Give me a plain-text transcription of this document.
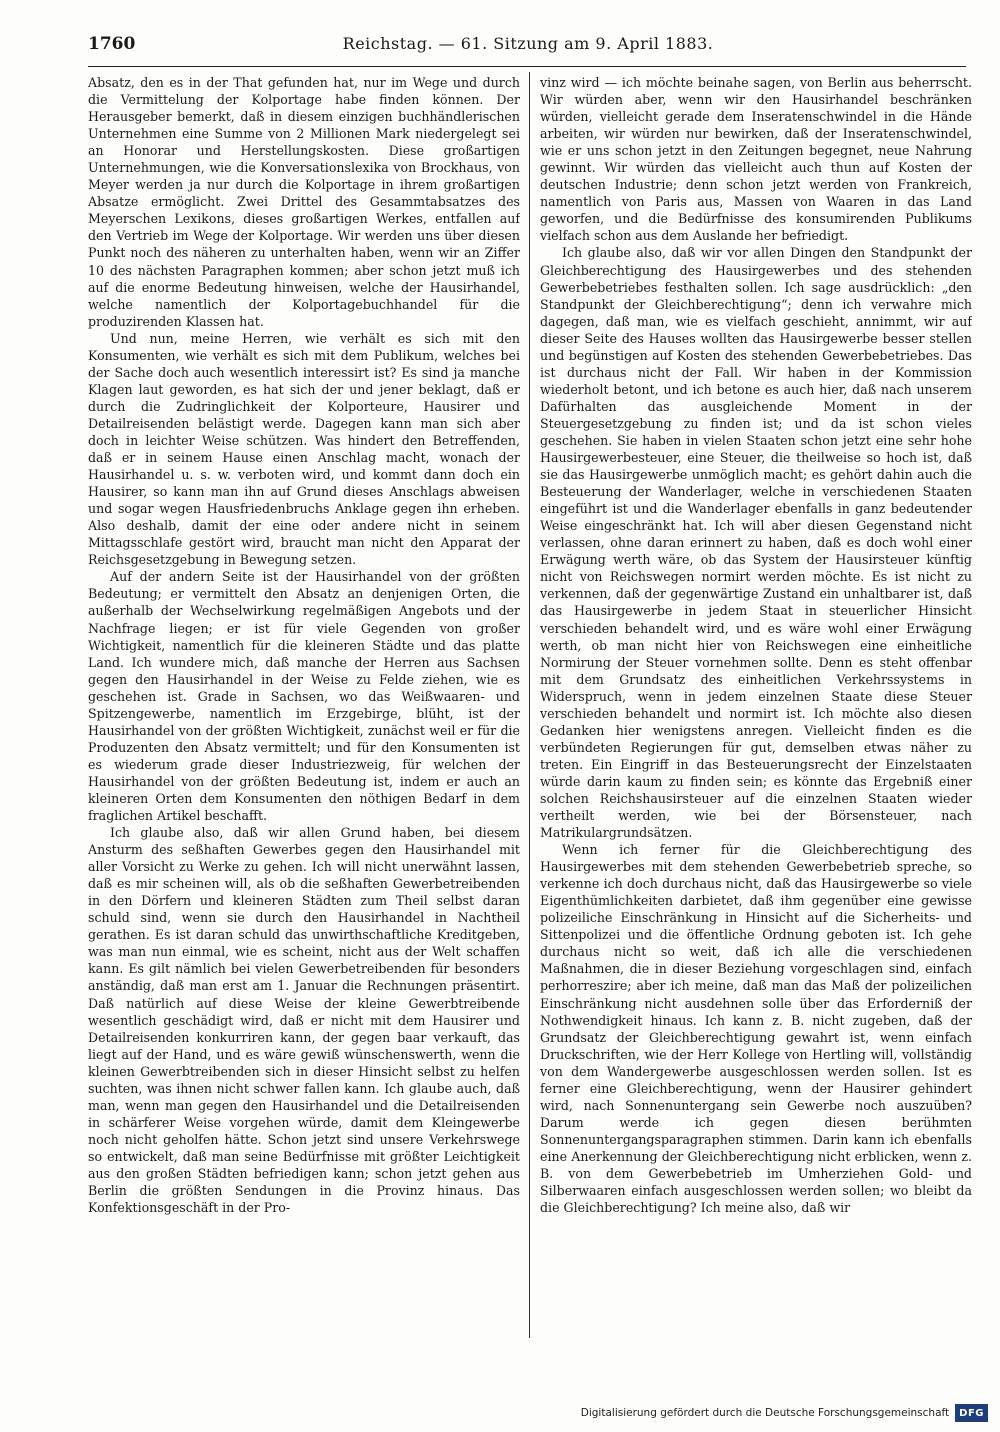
1760	Reichstag. — 61. Sitzung am 9. April 1883.

Absatz, den es in der That gefunden hat, nur im Wege und durch die Vermittelung der Kolportage habe finden können. Der Herausgeber bemerkt, daß in diesem einzigen buchhändlerischen Unternehmen eine Summe von 2 Millionen Mark niedergelegt sei an Honorar und Herstellungskosten. Diese großartigen Unternehmungen, wie die Konversationslexika von Brockhaus, von Meyer werden ja nur durch die Kolportage in ihrem großartigen Absatze ermöglicht. Zwei Drittel des Gesammtabsatzes des Meyerschen Lexikons, dieses großartigen Werkes, entfallen auf den Vertrieb im Wege der Kolportage. Wir werden uns über diesen Punkt noch des näheren zu unterhalten haben, wenn wir an Ziffer 10 des nächsten Paragraphen kommen; aber schon jetzt muß ich auf die enorme Bedeutung hinweisen, welche der Hausirhandel, welche namentlich der Kolportagebuchhandel für die produzirenden Klassen hat.

Und nun, meine Herren, wie verhält es sich mit den Konsumenten, wie verhält es sich mit dem Publikum, welches bei der Sache doch auch wesentlich interessirt ist? Es sind ja manche Klagen laut geworden, es hat sich der und jener beklagt, daß er durch die Zudringlichkeit der Kolporteure, Hausirer und Detailreisenden belästigt werde. Dagegen kann man sich aber doch in leichter Weise schützen. Was hindert den Betreffenden, daß er in seinem Hause einen Anschlag macht, wonach der Hausirhandel u. s. w. verboten wird, und kommt dann doch ein Hausirer, so kann man ihn auf Grund dieses Anschlags abweisen und sogar wegen Hausfriedenbruchs Anklage gegen ihn erheben. Also deshalb, damit der eine oder andere nicht in seinem Mittagsschlafe gestört wird, braucht man nicht den Apparat der Reichsgesetzgebung in Bewegung setzen.

Auf der andern Seite ist der Hausirhandel von der größten Bedeutung; er vermittelt den Absatz an denjenigen Orten, die außerhalb der Wechselwirkung regelmäßigen Angebots und der Nachfrage liegen; er ist für viele Gegenden von großer Wichtigkeit, namentlich für die kleineren Städte und das platte Land. Ich wundere mich, daß manche der Herren aus Sachsen gegen den Hausirhandel in der Weise zu Felde ziehen, wie es geschehen ist. Grade in Sachsen, wo das Weißwaaren- und Spitzengewerbe, namentlich im Erzgebirge, blüht, ist der Hausirhandel von der größten Wichtigkeit, zunächst weil er für die Produzenten den Absatz vermittelt; und für den Konsumenten ist es wiederum grade dieser Industriezweig, für welchen der Hausirhandel von der größten Bedeutung ist, indem er auch an kleineren Orten dem Konsumenten den nöthigen Bedarf in dem fraglichen Artikel beschafft.

Ich glaube also, daß wir allen Grund haben, bei diesem Ansturm des seßhaften Gewerbes gegen den Hausirhandel mit aller Vorsicht zu Werke zu gehen. Ich will nicht unerwähnt lassen, daß es mir scheinen will, als ob die seßhaften Gewerbetreibenden in den Dörfern und kleineren Städten zum Theil selbst daran schuld sind, wenn sie durch den Hausirhandel in Nachtheil gerathen. Es ist daran schuld das unwirthschaftliche Kreditgeben, was man nun einmal, wie es scheint, nicht aus der Welt schaffen kann. Es gilt nämlich bei vielen Gewerbetreibenden für besonders anständig, daß man erst am 1. Januar die Rechnungen präsentirt. Daß natürlich auf diese Weise der kleine Gewerbtreibende wesentlich geschädigt wird, daß er nicht mit dem Hausirer und Detailreisenden konkurriren kann, der gegen baar verkauft, das liegt auf der Hand, und es wäre gewiß wünschenswerth, wenn die kleinen Gewerbtreibenden sich in dieser Hinsicht selbst zu helfen suchten, was ihnen nicht schwer fallen kann. Ich glaube auch, daß man, wenn man gegen den Hausirhandel und die Detailreisenden in schärferer Weise vorgehen würde, damit dem Kleingewerbe noch nicht geholfen hätte. Schon jetzt sind unsere Verkehrswege so entwickelt, daß man seine Bedürfnisse mit größter Leichtigkeit aus den großen Städten befriedigen kann; schon jetzt gehen aus Berlin die größten Sendungen in die Provinz hinaus. Das Konfektionsgeschäft in der Pro-

vinz wird — ich möchte beinahe sagen, von Berlin aus beherrscht. Wir würden aber, wenn wir den Hausirhandel beschränken würden, vielleicht gerade dem Inseratenschwindel in die Hände arbeiten, wir würden nur bewirken, daß der Inseratenschwindel, wie er uns schon jetzt in den Zeitungen begegnet, neue Nahrung gewinnt. Wir würden das vielleicht auch thun auf Kosten der deutschen Industrie; denn schon jetzt werden von Frankreich, namentlich von Paris aus, Massen von Waaren in das Land geworfen, und die Bedürfnisse des konsumirenden Publikums vielfach schon aus dem Auslande her befriedigt.

Ich glaube also, daß wir vor allen Dingen den Standpunkt der Gleichberechtigung des Hausirgewerbes und des stehenden Gewerbebetriebes festhalten sollen. Ich sage ausdrücklich: „den Standpunkt der Gleichberechtigung“; denn ich verwahre mich dagegen, daß man, wie es vielfach geschieht, annimmt, wir auf dieser Seite des Hauses wollten das Hausirgewerbe besser stellen und begünstigen auf Kosten des stehenden Gewerbebetriebes. Das ist durchaus nicht der Fall. Wir haben in der Kommission wiederholt betont, und ich betone es auch hier, daß nach unserem Dafürhalten das ausgleichende Moment in der Steuergesetzgebung zu finden ist; und da ist schon vieles geschehen. Sie haben in vielen Staaten schon jetzt eine sehr hohe Hausirgewerbesteuer, eine Steuer, die theilweise so hoch ist, daß sie das Hausirgewerbe unmöglich macht; es gehört dahin auch die Besteuerung der Wanderlager, welche in verschiedenen Staaten eingeführt ist und die Wanderlager ebenfalls in ganz bedeutender Weise eingeschränkt hat. Ich will aber diesen Gegenstand nicht verlassen, ohne daran erinnert zu haben, daß es doch wohl einer Erwägung werth wäre, ob das System der Hausirsteuer künftig nicht von Reichswegen normirt werden möchte. Es ist nicht zu verkennen, daß der gegenwärtige Zustand ein unhaltbarer ist, daß das Hausirgewerbe in jedem Staat in steuerlicher Hinsicht verschieden behandelt wird, und es wäre wohl einer Erwägung werth, ob man nicht hier von Reichswegen eine einheitliche Normirung der Steuer vornehmen sollte. Denn es steht offenbar mit dem Grundsatz des einheitlichen Verkehrssystems in Widerspruch, wenn in jedem einzelnen Staate diese Steuer verschieden behandelt und normirt ist. Ich möchte also diesen Gedanken hier wenigstens anregen. Vielleicht finden es die verbündeten Regierungen für gut, demselben etwas näher zu treten. Ein Eingriff in das Besteuerungsrecht der Einzelstaaten würde darin kaum zu finden sein; es könnte das Ergebniß einer solchen Reichshausirsteuer auf die einzelnen Staaten wieder vertheilt werden, wie bei der Börsensteuer, nach Matrikulargrundsätzen.

Wenn ich ferner für die Gleichberechtigung des Hausirgewerbes mit dem stehenden Gewerbebetrieb spreche, so verkenne ich doch durchaus nicht, daß das Hausirgewerbe so viele Eigenthümlichkeiten darbietet, daß ihm gegenüber eine gewisse polizeiliche Einschränkung in Hinsicht auf die Sicherheits- und Sittenpolizei und die öffentliche Ordnung geboten ist. Ich gehe durchaus nicht so weit, daß ich alle die verschiedenen Maßnahmen, die in dieser Beziehung vorgeschlagen sind, einfach perhorreszire; aber ich meine, daß man das Maß der polizeilichen Einschränkung nicht ausdehnen solle über das Erforderniß der Nothwendigkeit hinaus. Ich kann z. B. nicht zugeben, daß der Grundsatz der Gleichberechtigung gewahrt ist, wenn einfach Druckschriften, wie der Herr Kollege von Hertling will, vollständig von dem Wandergewerbe ausgeschlossen werden sollen. Ist es ferner eine Gleichberechtigung, wenn der Hausirer gehindert wird, nach Sonnenuntergang sein Gewerbe noch auszuüben? Darum werde ich gegen diesen berühmten Sonnenuntergangsparagraphen stimmen. Darin kann ich ebenfalls eine Anerkennung der Gleichberechtigung nicht erblicken, wenn z. B. von dem Gewerbebetrieb im Umherziehen Gold- und Silberwaaren einfach ausgeschlossen werden sollen; wo bleibt da die Gleichberechtigung? Ich meine also, daß wir

Digitalisierung gefördert durch die Deutsche Forschungsgemeinschaft	DFG
